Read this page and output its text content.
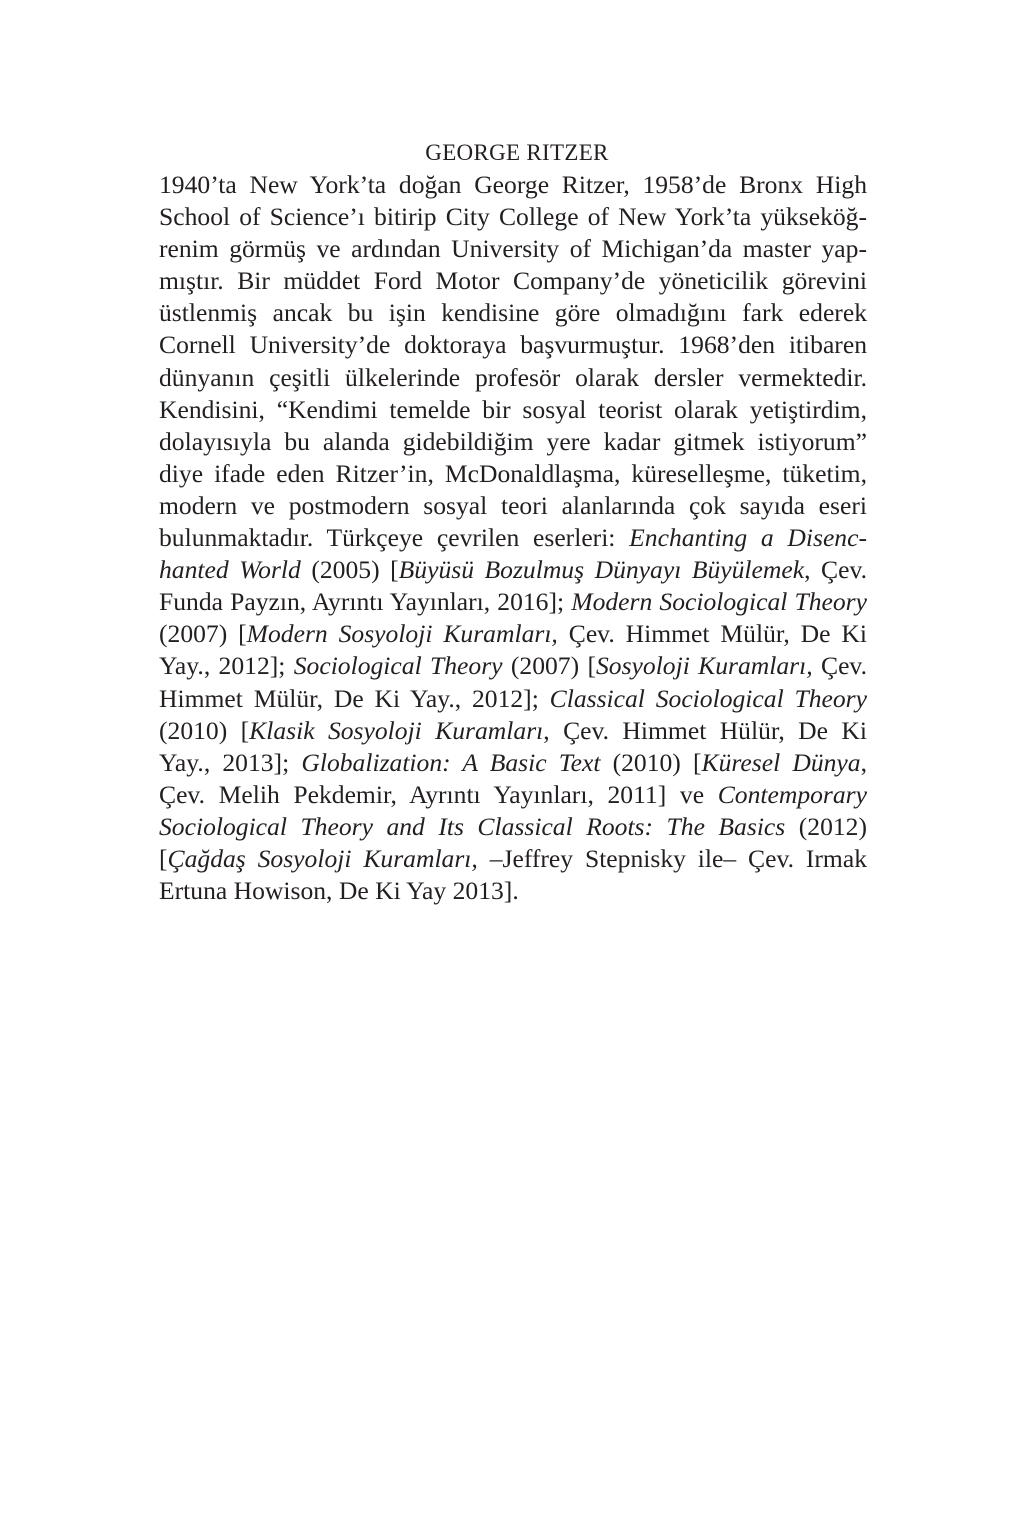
GEORGE RITZER

1940’ta New York’ta doğan George Ritzer, 1958’de Bronx High School of Science’ı bitirip City College of New York’ta yükseköğrenim görmüş ve ardından University of Michigan’da master yapmıştır. Bir müddet Ford Motor Company’de yöneticilik görevini üstlenmiş ancak bu işin kendisine göre olmadığını fark ederek Cornell University’de doktoraya başvurmuştur. 1968’den itibaren dünyanın çeşitli ülkelerinde profesör olarak dersler vermektedir. Kendisini, “Kendimi temelde bir sosyal teorist olarak yetiştirdim, dolayısıyla bu alanda gidebildiğim yere kadar gitmek istiyorum” diye ifade eden Ritzer’in, McDonaldlaşma, küreselleşme, tüketim, modern ve postmodern sosyal teori alanlarında çok sayıda eseri bulunmaktadır. Türkçeye çevrilen eserleri: Enchanting a Disenchanted World (2005) [Büyüsü Bozulmuş Dünyayı Büyülemek, Çev. Funda Payzın, Ayrıntı Yayınları, 2016]; Modern Sociological Theory (2007) [Modern Sosyoloji Kuramları, Çev. Himmet Mülür, De Ki Yay., 2012]; Sociological Theory (2007) [Sosyoloji Kuramları, Çev. Himmet Mülür, De Ki Yay., 2012]; Classical Sociological Theory (2010) [Klasik Sosyoloji Kuramları, Çev. Himmet Hülür, De Ki Yay., 2013]; Globalization: A Basic Text (2010) [Küresel Dünya, Çev. Melih Pekdemir, Ayrıntı Yayınları, 2011] ve Contemporary Sociological Theory and Its Classical Roots: The Basics (2012) [Çağdaş Sosyoloji Kuramları, –Jeffrey Stepnisky ile– Çev. Irmak Ertuna Howison, De Ki Yay 2013].
